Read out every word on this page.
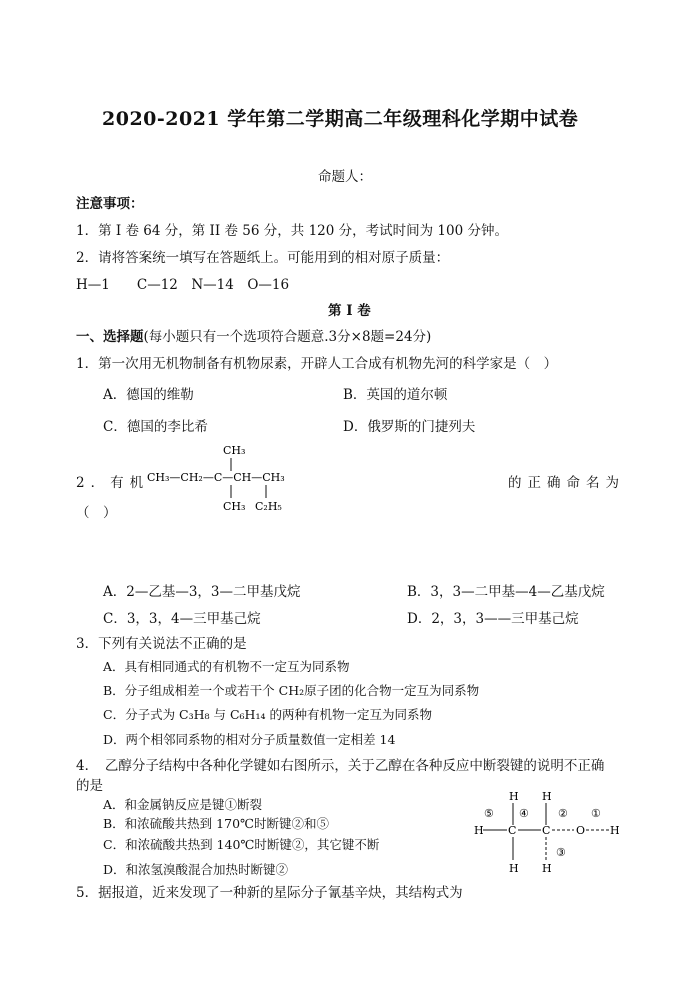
2020-2021 学年第二学期高二年级理科化学期中试卷
命题人：
注意事项：
1．第 I 卷 64 分，第 II 卷 56 分，共 120 分，考试时间为 100 分钟。
2．请将答案统一填写在答题纸上。可能用到的相对原子质量：
H—1　　C—12　N—14　O—16
第 I 卷
一、选择题(每小题只有一个选项符合题意.3分×8题=24分)
1．第一次用无机物制备有机物尿素，开辟人工合成有机物先河的科学家是（　）
A．德国的维勒	B．英国的道尔顿
C．德国的李比希	D．俄罗斯的门捷列夫
2．有机
CH₃
CH₃—CH₂—C—CH—CH₃
CH₃ C₂H₅
的正确命名为
（　）
A．2—乙基—3，3—二甲基戊烷	B．3，3—二甲基—4—乙基戊烷
C．3，3，4—三甲基己烷	D．2，3，3——三甲基己烷
3．下列有关说法不正确的是
A．具有相同通式的有机物不一定互为同系物
B．分子组成相差一个或若干个 CH₂原子团的化合物一定互为同系物
C．分子式为 C₃H₈ 与 C₆H₁₄ 的两种有机物一定互为同系物
D．两个相邻同系物的相对分子质量数值一定相差 14
4．　乙醇分子结构中各种化学键如右图所示，关于乙醇在各种反应中断裂键的说明不正确
的是
A．和金属钠反应是键①断裂
B．和浓硫酸共热到 170℃时断键②和⑤
C．和浓硫酸共热到 140℃时断键②，其它键不断
D．和浓氢溴酸混合加热时断键②
H H
⑤ ④	② ①
H C C O H
③
H H
5．据报道，近来发现了一种新的星际分子氰基辛炔，其结构式为
